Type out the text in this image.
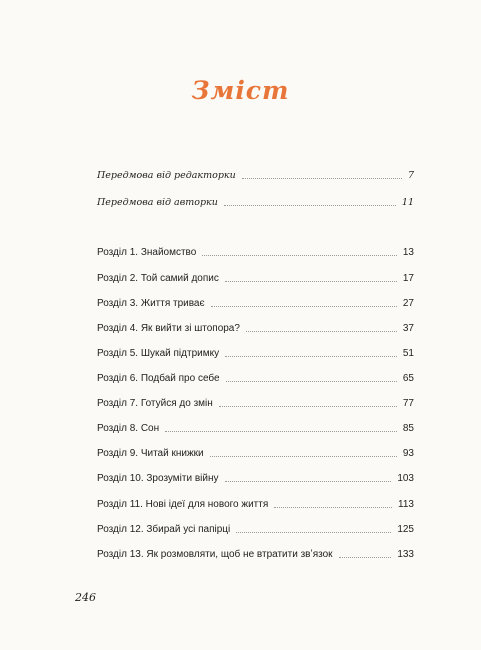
Зміст
Передмова від редакторки	7
Передмова від авторки	11
Розділ 1. Знайомство	13
Розділ 2. Той самий допис	17
Розділ 3. Життя триває	27
Розділ 4. Як вийти зі штопора?	37
Розділ 5. Шукай підтримку	51
Розділ 6. Подбай про себе	65
Розділ 7. Готуйся до змін	77
Розділ 8. Сон	85
Розділ 9. Читай книжки	93
Розділ 10. Зрозуміти війну	103
Розділ 11. Нові ідеї для нового життя	113
Розділ 12. Збирай усі папірці	125
Розділ 13. Як розмовляти, щоб не втратити звʼязок	133
246
